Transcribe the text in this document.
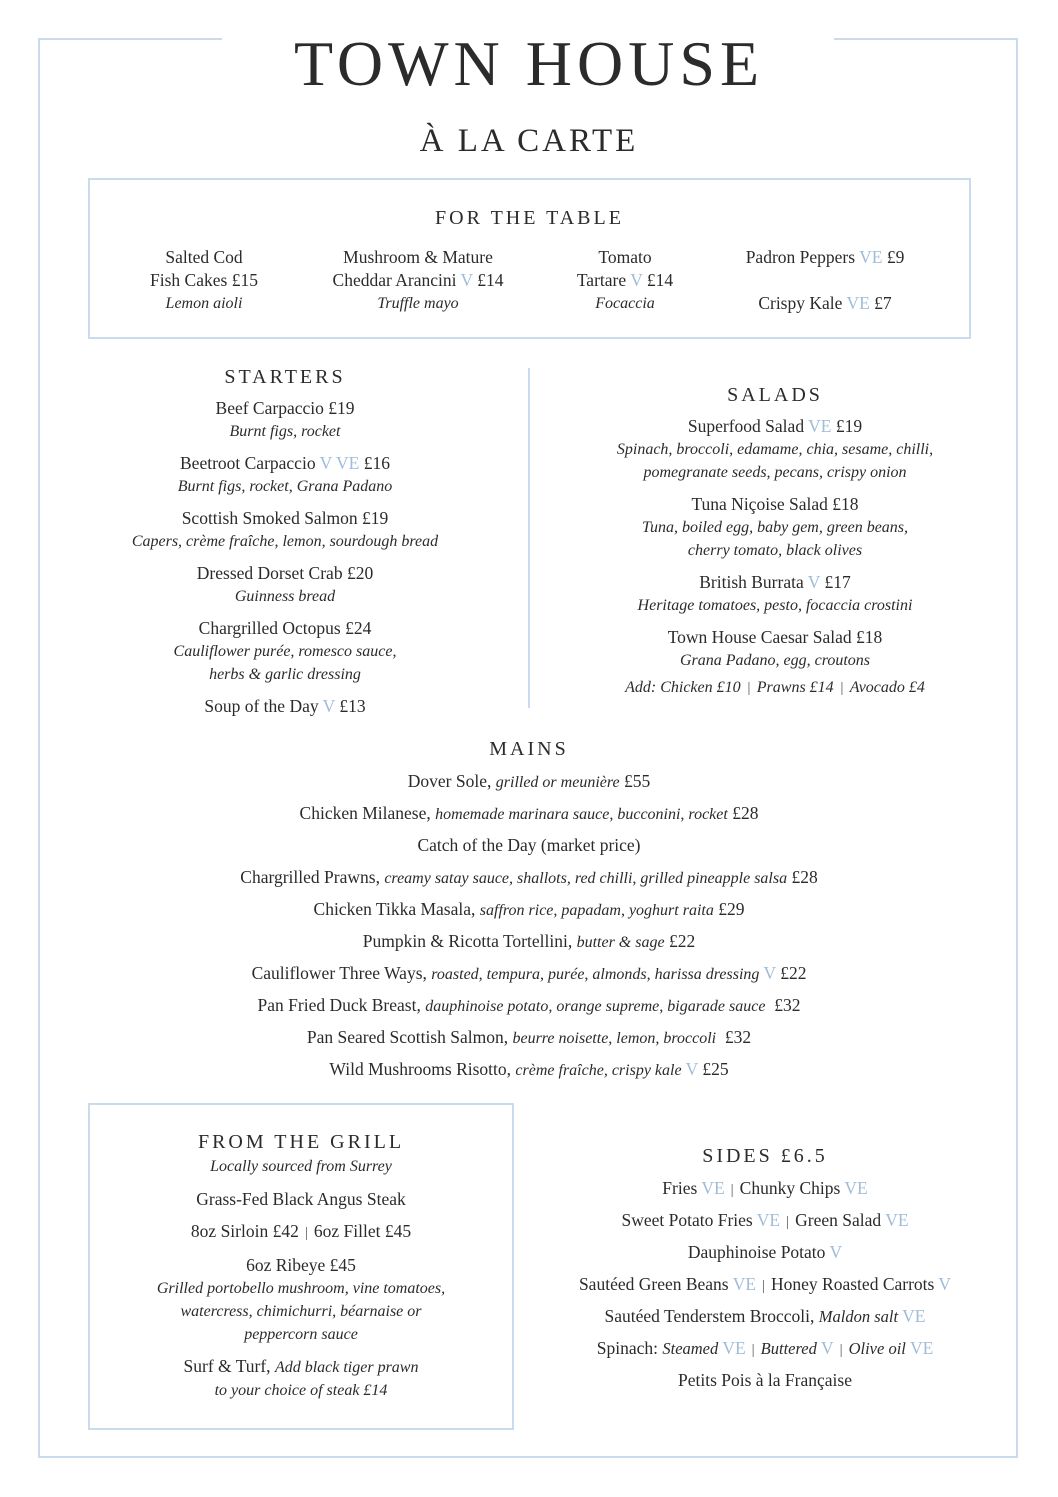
TOWN HOUSE
À LA CARTE
FOR THE TABLE
Salted Cod
Fish Cakes £15
Lemon aioli
Mushroom & Mature
Cheddar Arancini V £14
Truffle mayo
Tomato
Tartare V £14
Focaccia
Padron Peppers VE £9
Crispy Kale VE £7
STARTERS
Beef Carpaccio £19
Burnt figs, rocket
Beetroot Carpaccio V VE £16
Burnt figs, rocket, Grana Padano
Scottish Smoked Salmon £19
Capers, crème fraîche, lemon, sourdough bread
Dressed Dorset Crab £20
Guinness bread
Chargrilled Octopus £24
Cauliflower purée, romesco sauce,
herbs & garlic dressing
Soup of the Day V £13
SALADS
Superfood Salad VE £19
Spinach, broccoli, edamame, chia, sesame, chilli,
pomegranate seeds, pecans, crispy onion
Tuna Niçoise Salad £18
Tuna, boiled egg, baby gem, green beans,
cherry tomato, black olives
British Burrata V £17
Heritage tomatoes, pesto, focaccia crostini
Town House Caesar Salad £18
Grana Padano, egg, croutons
Add: Chicken £10 | Prawns £14 | Avocado £4
MAINS
Dover Sole, grilled or meunière £55
Chicken Milanese, homemade marinara sauce, bucconini, rocket £28
Catch of the Day (market price)
Chargrilled Prawns, creamy satay sauce, shallots, red chilli, grilled pineapple salsa £28
Chicken Tikka Masala, saffron rice, papadam, yoghurt raita £29
Pumpkin & Ricotta Tortellini, butter & sage £22
Cauliflower Three Ways, roasted, tempura, purée, almonds, harissa dressing V £22
Pan Fried Duck Breast, dauphinoise potato, orange supreme, bigarade sauce £32
Pan Seared Scottish Salmon, beurre noisette, lemon, broccoli £32
Wild Mushrooms Risotto, crème fraîche, crispy kale V £25
FROM THE GRILL
Locally sourced from Surrey
Grass-Fed Black Angus Steak
8oz Sirloin £42 | 6oz Fillet £45
6oz Ribeye £45
Grilled portobello mushroom, vine tomatoes,
watercress, chimichurri, béarnaise or
peppercorn sauce
Surf & Turf, Add black tiger prawn
to your choice of steak £14
SIDES £6.5
Fries VE | Chunky Chips VE
Sweet Potato Fries VE | Green Salad VE
Dauphinoise Potato V
Sautéed Green Beans VE | Honey Roasted Carrots V
Sautéed Tenderstem Broccoli, Maldon salt VE
Spinach: Steamed VE | Buttered V | Olive oil VE
Petits Pois à la Française
